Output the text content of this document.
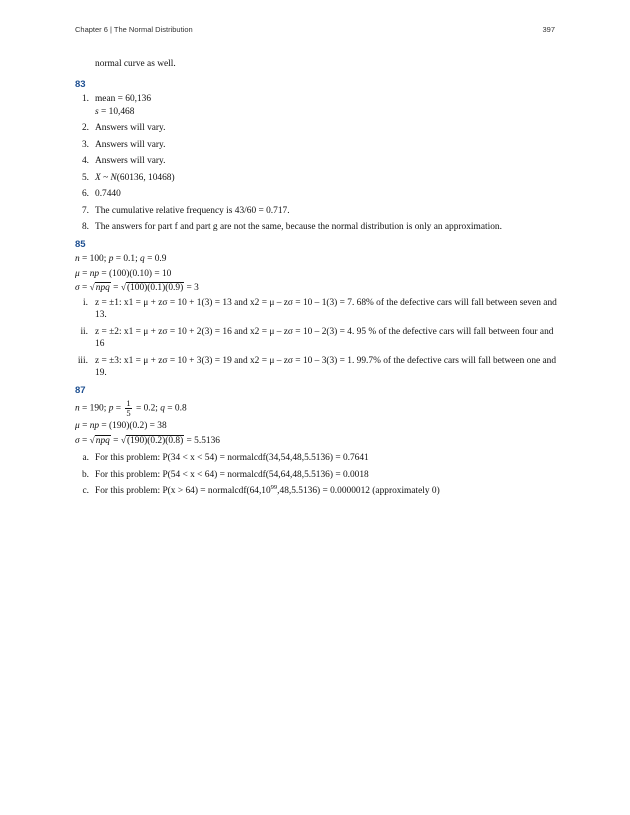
Chapter 6 | The Normal Distribution	397
normal curve as well.
83
1. mean = 60,136
s = 10,468
2. Answers will vary.
3. Answers will vary.
4. Answers will vary.
5. X ~ N(60136, 10468)
6. 0.7440
7. The cumulative relative frequency is 43/60 = 0.717.
8. The answers for part f and part g are not the same, because the normal distribution is only an approximation.
85
n = 100; p = 0.1; q = 0.9
μ = np = (100)(0.10) = 10
σ = √npq = √(100)(0.1)(0.9) = 3
i. z = ±1: x1 = μ + zσ = 10 + 1(3) = 13 and x2 = μ – zσ = 10 – 1(3) = 7. 68% of the defective cars will fall between seven and 13.
ii. z = ±2: x1 = μ + zσ = 10 + 2(3) = 16 and x2 = μ – zσ = 10 – 2(3) = 4. 95 % of the defective cars will fall between four and 16
iii. z = ±3: x1 = μ + zσ = 10 + 3(3) = 19 and x2 = μ – zσ = 10 – 3(3) = 1. 99.7% of the defective cars will fall between one and 19.
87
n = 190; $p = \frac{1}{5} = 0.2$; q = 0.8
μ = np = (190)(0.2) = 38
σ = √npq = √(190)(0.2)(0.8) = 5.5136
a. For this problem: P(34 < x < 54) = normalcdf(34,54,48,5.5136) = 0.7641
b. For this problem: P(54 < x < 64) = normalcdf(54,64,48,5.5136) = 0.0018
c. For this problem: $P(x > 64) = normalcdf(64,10^{99},48,5.5136) = 0.0000012$ (approximately 0)
